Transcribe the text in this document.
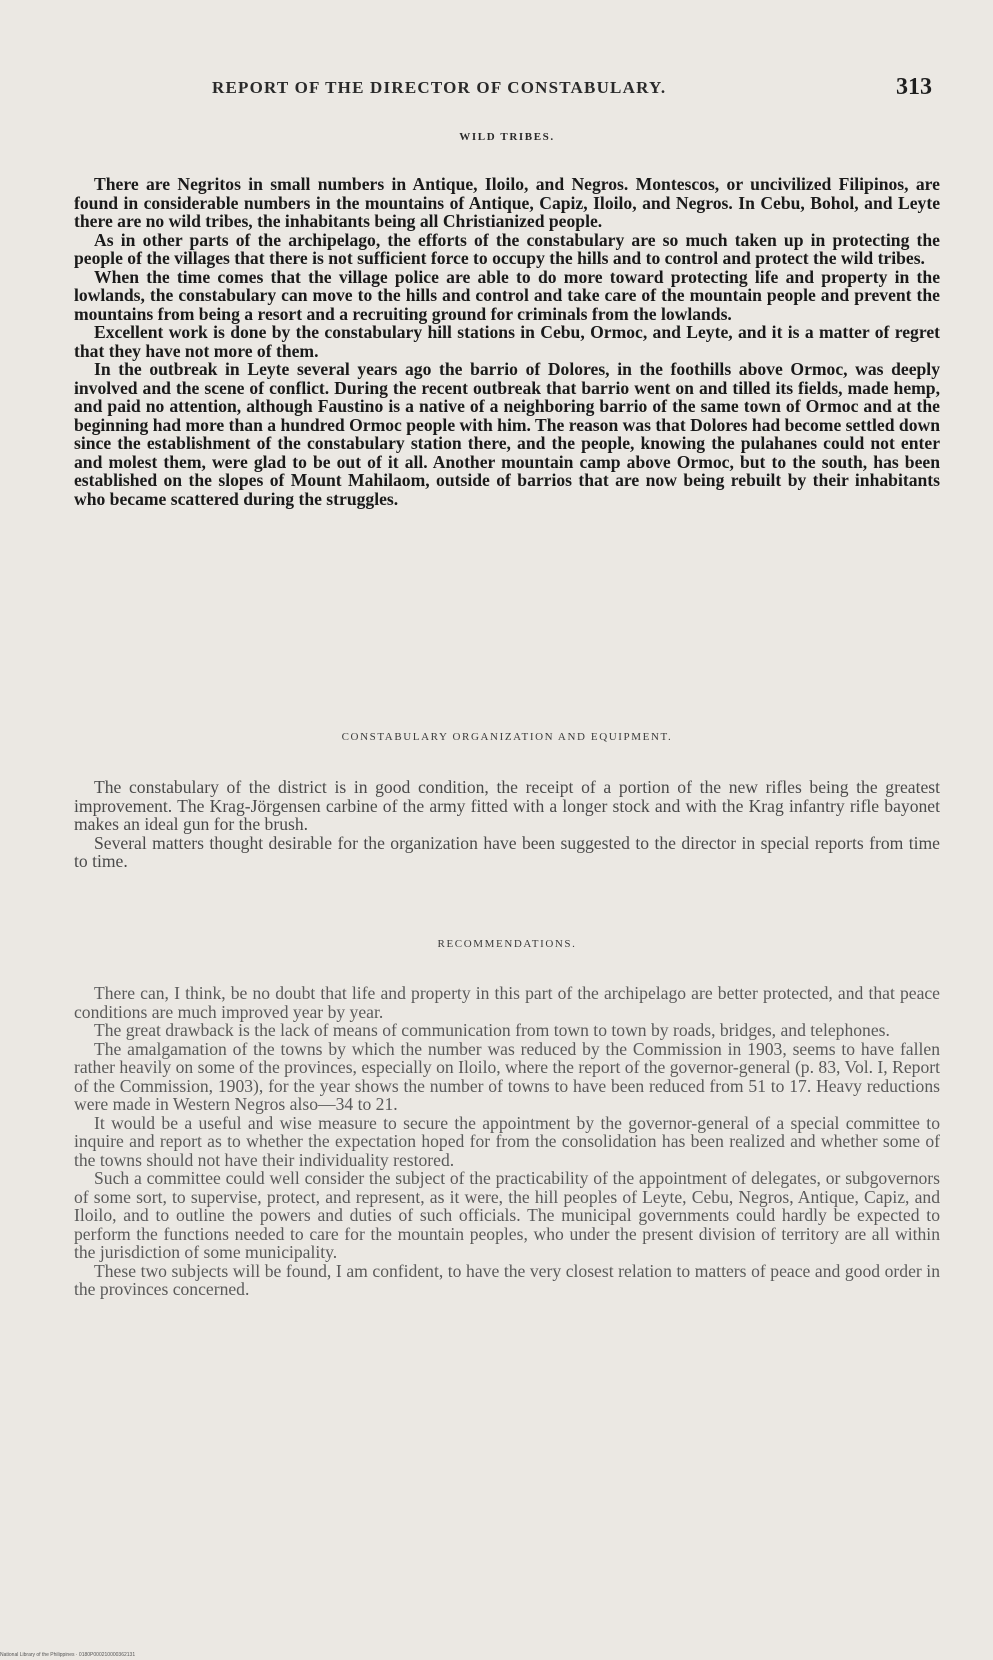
REPORT OF THE DIRECTOR OF CONSTABULARY.	313
WILD TRIBES.

There are Negritos in small numbers in Antique, Iloilo, and Negros. Montescos, or uncivilized Filipinos, are found in considerable numbers in the mountains of Antique, Capiz, Iloilo, and Negros. In Cebu, Bohol, and Leyte there are no wild tribes, the inhabitants being all Christianized people.

As in other parts of the archipelago, the efforts of the constabulary are so much taken up in protecting the people of the villages that there is not sufficient force to occupy the hills and to control and protect the wild tribes.

When the time comes that the village police are able to do more toward protecting life and property in the lowlands, the constabulary can move to the hills and control and take care of the mountain people and prevent the mountains from being a resort and a recruiting ground for criminals from the lowlands.

Excellent work is done by the constabulary hill stations in Cebu, Ormoc, and Leyte, and it is a matter of regret that they have not more of them.

In the outbreak in Leyte several years ago the barrio of Dolores, in the foothills above Ormoc, was deeply involved and the scene of conflict. During the recent outbreak that barrio went on and tilled its fields, made hemp, and paid no attention, although Faustino is a native of a neighboring barrio of the same town of Ormoc and at the beginning had more than a hundred Ormoc people with him. The reason was that Dolores had become settled down since the establishment of the constabulary station there, and the people, knowing the pulahanes could not enter and molest them, were glad to be out of it all. Another mountain camp above Ormoc, but to the south, has been established on the slopes of Mount Mahilaom, outside of barrios that are now being rebuilt by their inhabitants who became scattered during the struggles.

CONSTABULARY ORGANIZATION AND EQUIPMENT.

The constabulary of the district is in good condition, the receipt of a portion of the new rifles being the greatest improvement. The Krag-Jörgensen carbine of the army fitted with a longer stock and with the Krag infantry rifle bayonet makes an ideal gun for the brush.

Several matters thought desirable for the organization have been suggested to the director in special reports from time to time.

RECOMMENDATIONS.

There can, I think, be no doubt that life and property in this part of the archipelago are better protected, and that peace conditions are much improved year by year.

The great drawback is the lack of means of communication from town to town by roads, bridges, and telephones.

The amalgamation of the towns by which the number was reduced by the Commission in 1903, seems to have fallen rather heavily on some of the provinces, especially on Iloilo, where the report of the governor-general (p. 83, Vol. I, Report of the Commission, 1903), for the year shows the number of towns to have been reduced from 51 to 17. Heavy reductions were made in Western Negros also—34 to 21.

It would be a useful and wise measure to secure the appointment by the governor-general of a special committee to inquire and report as to whether the expectation hoped for from the consolidation has been realized and whether some of the towns should not have their individuality restored.

Such a committee could well consider the subject of the practicability of the appointment of delegates, or subgovernors of some sort, to supervise, protect, and represent, as it were, the hill peoples of Leyte, Cebu, Negros, Antique, Capiz, and Iloilo, and to outline the powers and duties of such officials. The municipal governments could hardly be expected to perform the functions needed to care for the mountain peoples, who under the present division of territory are all within the jurisdiction of some municipality.

These two subjects will be found, I am confident, to have the very closest relation to matters of peace and good order in the provinces concerned.

National Library of the Philippines · 0180P000210000362131
